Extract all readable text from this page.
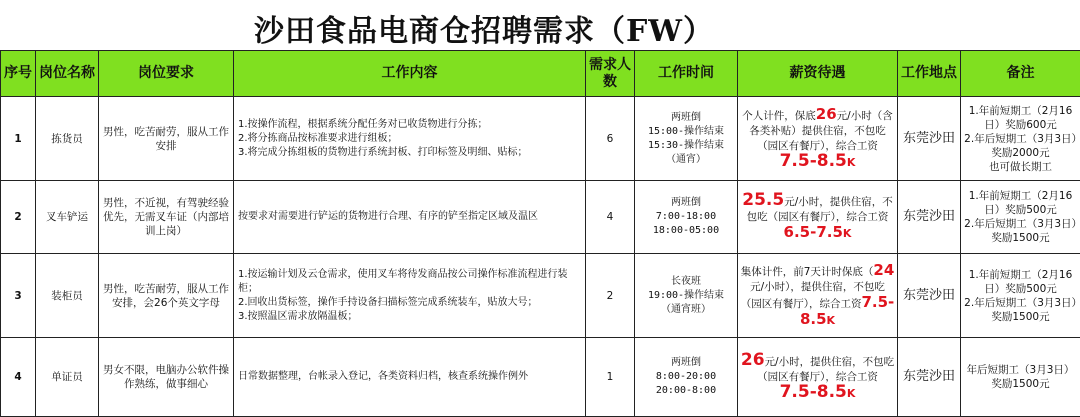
沙田食品电商仓招聘需求（FW）
序号	岗位名称	岗位要求	工作内容	需求人数	工作时间	薪资待遇	工作地点	备注
1	拣货员	男性，吃苦耐劳，服从工作安排	1.按操作流程，根据系统分配任务对已收货物进行分拣；
2.将分拣商品按标准要求进行组板；
3.将完成分拣组板的货物进行系统封板、打印标签及明细、贴标；	6	两班倒
15:00-操作结束
15:30-操作结束
（通宵）	个人计件，保底26元/小时（含各类补贴）提供住宿，不包吃（园区有餐厅），综合工资
7.5-8.5K	东莞沙田	1.年前短期工（2月16日）奖励600元
2.年后短期工（3月3日）奖励2000元
也可做长期工

2	叉车铲运	男性，不近视，有驾驶经验优先，无需叉车证（内部培训上岗）	按要求对需要进行铲运的货物进行合理、有序的铲至指定区域及温区	4	两班倒
7:00-18:00
18:00-05:00	25.5元/小时，提供住宿，不包吃（园区有餐厅），综合工资6.5-7.5K	东莞沙田	1.年前短期工（2月16日）奖励500元
2.年后短期工（3月3日）奖励1500元

3	装柜员	男性，吃苦耐劳，服从工作安排，会26个英文字母	1.按运输计划及云仓需求，使用叉车将待发商品按公司操作标准流程进行装柜；
2.回收出货标签，操作手持设备扫描标签完成系统装车，贴放大号；
3.按照温区需求放隔温板；	2	长夜班
19:00-操作结束
（通宵班）	集体计件，前7天计时保底（24元/小时），提供住宿，不包吃（园区有餐厅），综合工资7.5-8.5K	东莞沙田	1.年前短期工（2月16日）奖励500元
2.年后短期工（3月3日）奖励1500元

4	单证员	男女不限，电脑办公软件操作熟练，做事细心	日常数据整理，台帐录入登记，各类资料归档，核查系统操作例外	1	两班倒
8:00-20:00
20:00-8:00	26元/小时，提供住宿，不包吃（园区有餐厅），综合工资
7.5-8.5K	东莞沙田	年后短期工（3月3日）奖励1500元
